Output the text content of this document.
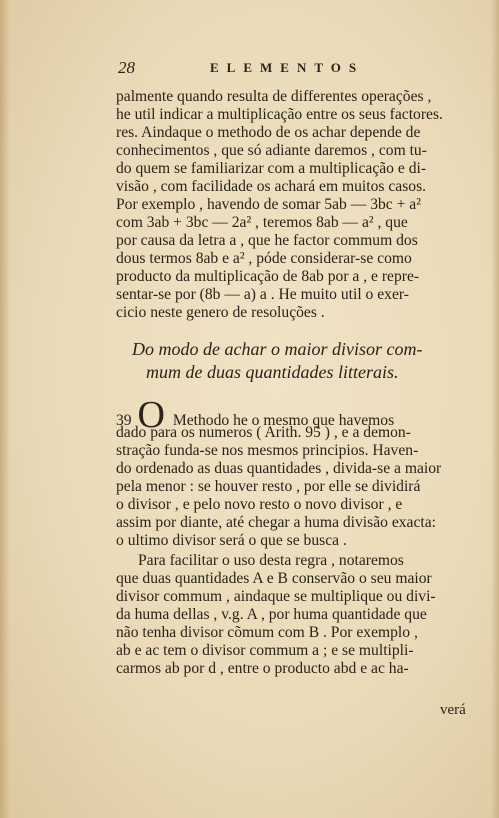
28	ELEMENTOS
palmente quando resulta de differentes operações ,
he util indicar a multiplicação entre os seus factores.
res. Aindaque o methodo de os achar depende de
conhecimentos , que só adiante daremos , com tu-
do quem se familiarizar com a multiplicação e di-
visão , com facilidade os achará em muitos casos.
Por exemplo , havendo de somar 5ab — 3bc + a²
com 3ab + 3bc — 2a² , teremos 8ab — a² , que
por causa da letra a , que he factor commum dos
dous termos 8ab e a² , póde considerar-se como
producto da multiplicação de 8ab por a , e repre-
sentar-se por (8b — a) a . He muito util o exer-
cicio neste genero de resoluções .
Do modo de achar o maior divisor com-
mum de duas quantidades litterais.
39 O Methodo he o mesmo que havemos
dado para os numeros ( Arith. 95 ) , e a demon-
stração funda-se nos mesmos principios. Haven-
do ordenado as duas quantidades , divida-se a maior
pela menor : se houver resto , por elle se dividirá
o divisor , e pelo novo resto o novo divisor , e
assim por diante, até chegar a huma divisão exacta:
o ultimo divisor será o que se busca .
Para facilitar o uso desta regra , notaremos
que duas quantidades A e B conservão o seu maior
divisor commum , aindaque se multiplique ou divi-
da huma dellas , v.g. A , por huma quantidade que
não tenha divisor cõmum com B . Por exemplo ,
ab e ac tem o divisor commum a ; e se multipli-
carmos ab por d , entre o producto abd e ac ha-
verá
